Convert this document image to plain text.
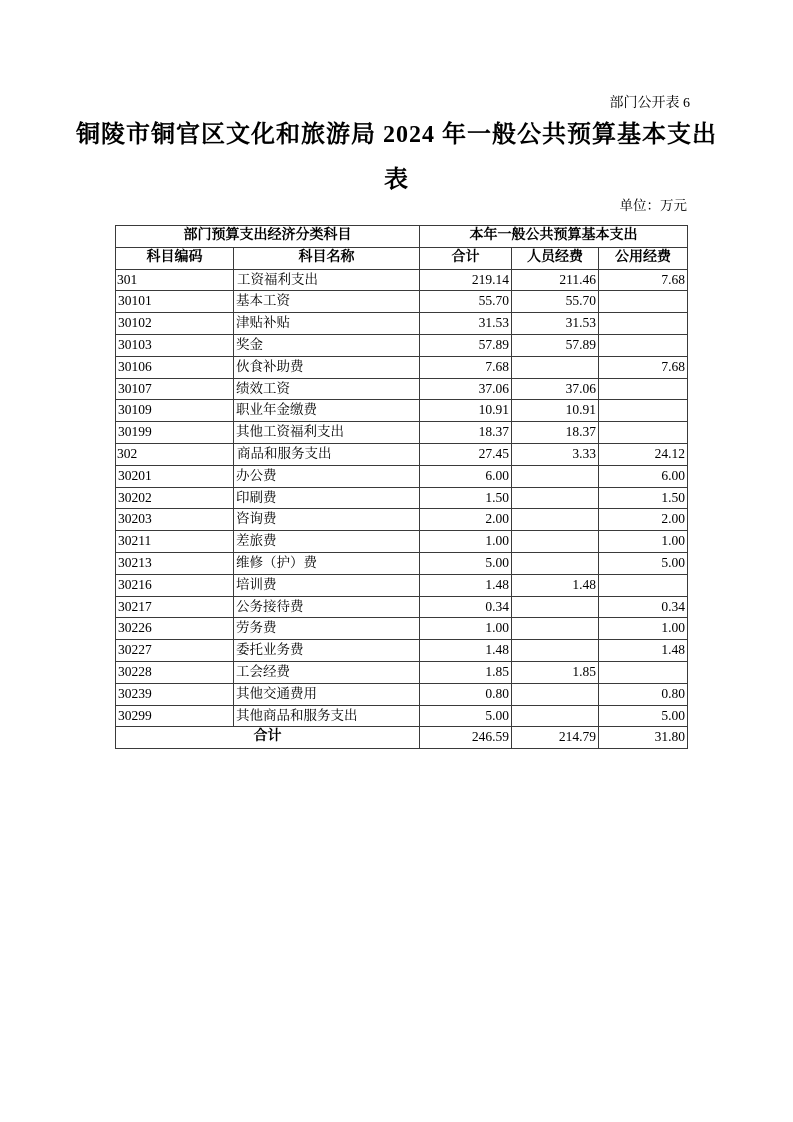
部门公开表 6
铜陵市铜官区文化和旅游局 2024 年一般公共预算基本支出
表
单位：万元
部门预算支出经济分类科目		本年一般公共预算基本支出		
科目编码	科目名称	合计	人员经费	公用经费
301	工资福利支出	219.14	211.46	7.68
30101	基本工资	55.70	55.70	
30102	津贴补贴	31.53	31.53	
30103	奖金	57.89	57.89	
30106	伙食补助费	7.68		7.68
30107	绩效工资	37.06	37.06	
30109	职业年金缴费	10.91	10.91	
30199	其他工资福利支出	18.37	18.37	
302	商品和服务支出	27.45	3.33	24.12
30201	办公费	6.00		6.00
30202	印刷费	1.50		1.50
30203	咨询费	2.00		2.00
30211	差旅费	1.00		1.00
30213	维修（护）费	5.00		5.00
30216	培训费	1.48	1.48	
30217	公务接待费	0.34		0.34
30226	劳务费	1.00		1.00
30227	委托业务费	1.48		1.48
30228	工会经费	1.85	1.85	
30239	其他交通费用	0.80		0.80
30299	其他商品和服务支出	5.00		5.00
合计		246.59	214.79	31.80
